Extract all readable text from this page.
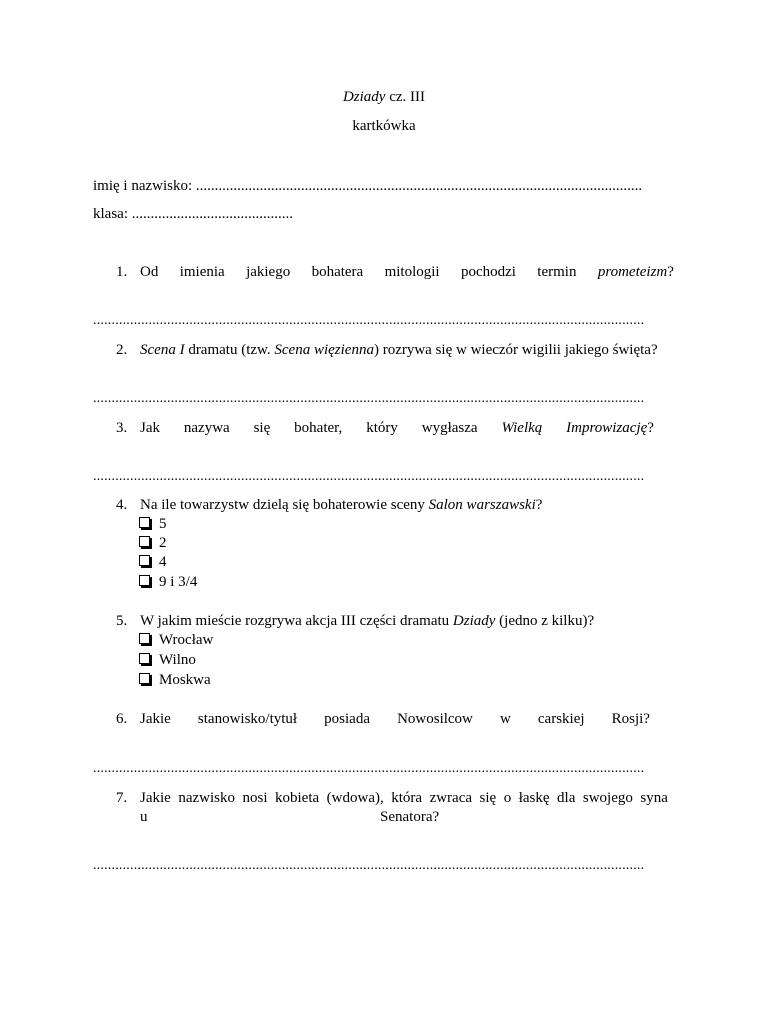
Dziady cz. III
kartkówka
imię i nazwisko: .......................................................................................................................
klasa: ...........................................
1. Od imienia jakiego bohatera mitologii pochodzi termin prometeizm?
.....................................................................................................................................................
2. Scena I dramatu (tzw. Scena więzienna) rozrywa się w wieczór wigilii jakiego święta?
.....................................................................................................................................................
3. Jak nazywa się bohater, który wygłasza Wielką Improwizację?
.....................................................................................................................................................
4. Na ile towarzystw dzielą się bohaterowie sceny Salon warszawski?
5
2
4
9 i 3/4
5. W jakim mieście rozgrywa akcja III części dramatu Dziady (jedno z kilku)?
Wrocław
Wilno
Moskwa
6. Jakie stanowisko/tytuł posiada Nowosilcow w carskiej Rosji?
.....................................................................................................................................................
7. Jakie nazwisko nosi kobieta (wdowa), która zwraca się o łaskę dla swojego syna
u	Senatora?
.....................................................................................................................................................
